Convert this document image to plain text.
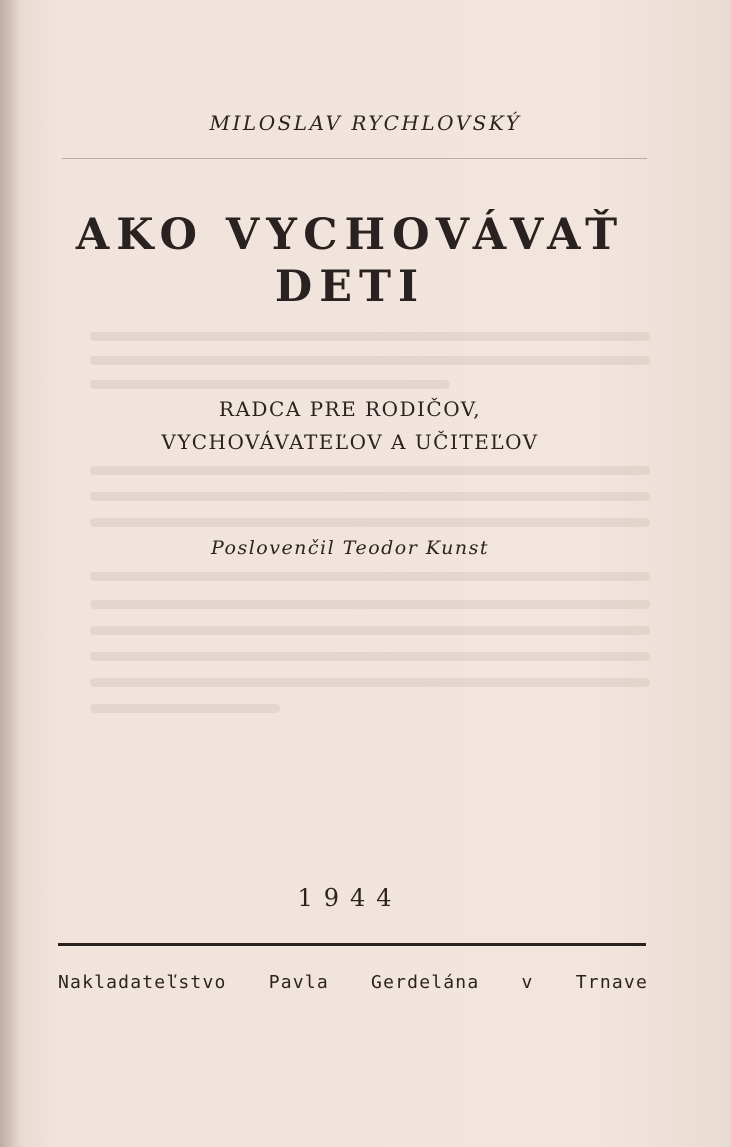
MILOSLAV RYCHLOVSKÝ
AKO VYCHOVÁVAŤ
DETI
RADCA PRE RODIČOV,
VYCHOVÁVATEĽOV A UČITEĽOV
Poslovenčil Teodor Kunst
1944
Nakladateľstvo Pavla Gerdelána v Trnave
